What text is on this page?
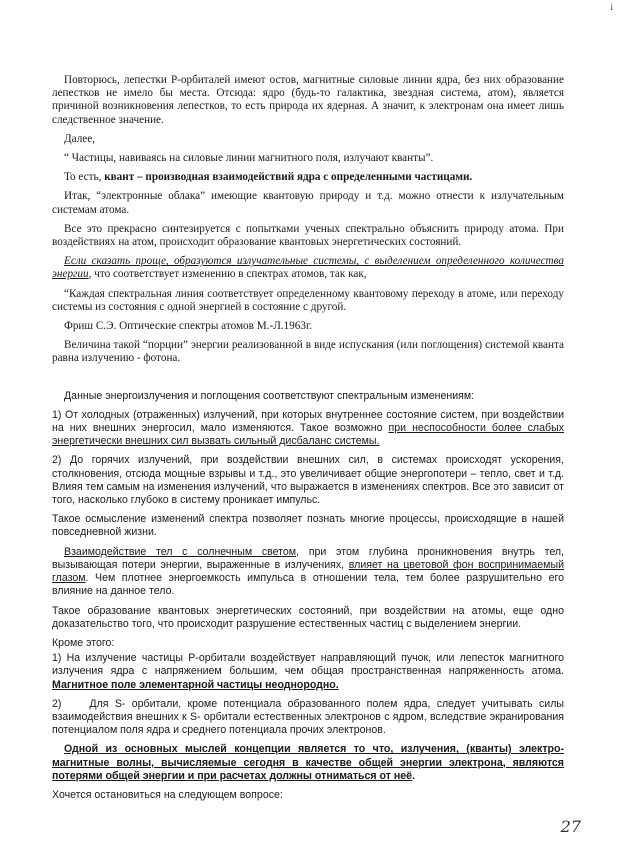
i

Повторюсь, лепестки Р-орбиталей имеют остов, магнитные силовые линии ядра, без них образование лепестков не имело бы места. Отсюда: ядро (будь-то галактика, звездная система, атом), является причиной возникновения лепестков, то есть природа их ядерная. А значит, к электронам она имеет лишь следственное значение.

Далее,

“ Частицы, навиваясь на силовые линии магнитного поля, излучают кванты”.

То есть, квант – производная взаимодействий ядра с определенными частицами.

Итак, “электронные облака” имеющие квантовую природу и т.д. можно отнести к излучательным системам атома.

Все это прекрасно синтезируется с попытками ученых спектрально объяснить природу атома. При воздействиях на атом, происходит образование квантовых энергетических состояний.

Если сказать проще, образуются излучательные системы, с выделением определенного количества энергии, что соответствует изменению в спектрах атомов, так как,

“Каждая спектральная линия соответствует определенному квантовому переходу в атоме, или переходу системы из состояния с одной энергией в состояние с другой.

Фриш С.Э. Оптические спектры атомов М.-Л.1963г.

Величина такой “порции” энергии реализованной в виде испускания (или поглощения) системой кванта равна излучению - фотона.

Данные энергоизлучения и поглощения соответствуют спектральным изменениям:

1) От холодных (отраженных) излучений, при которых внутреннее состояние систем, при воздействии на них внешних энергосил, мало изменяются. Такое возможно при неспособности более слабых энергетически внешних сил вызвать сильный дисбаланс системы.

2) До горячих излучений, при воздействии внешних сил, в системах происходят ускорения, столкновения, отсюда мощные взрывы и т.д., это увеличивает общие энергопотери – тепло, свет и т.д. Влияя тем самым на изменения излучений, что выражается в изменениях спектров. Все это зависит от того, насколько глубоко в систему проникает импульс.

Такое осмысление изменений спектра позволяет познать многие процессы, происходящие в нашей повседневной жизни.

Взаимодействие тел с солнечным светом, при этом глубина проникновения внутрь тел, вызывающая потери энергии, выраженные в излучениях, влияет на цветовой фон воспринимаемый глазом. Чем плотнее энергоемкость импульса в отношении тела, тем более разрушительно его влияние на данное тело.

Такое образование квантовых энергетических состояний, при воздействии на атомы, еще одно доказательство того, что происходит разрушение естественных частиц с выделением энергии.

Кроме этого:

1) На излучение частицы Р-орбитали воздействует направляющий пучок, или лепесток магнитного излучения ядра с напряжением большим, чем общая пространственная напряженность атома. Магнитное поле элементарной частицы неоднородно.

2)	Для S- орбитали, кроме потенциала образованного полем ядра, следует учитывать силы взаимодействия внешних к S- орбитали естественных электронов с ядром, вследствие экранирования потенциалом поля ядра и среднего потенциала прочих электронов.

Одной из основных мыслей концепции является то что, излучения, (кванты) электро-магнитные волны, вычисляемые сегодня в качестве общей энергии электрона, являются потерями общей энергии и при расчетах должны отниматься от неё.

Хочется остановиться на следующем вопросе:

27
